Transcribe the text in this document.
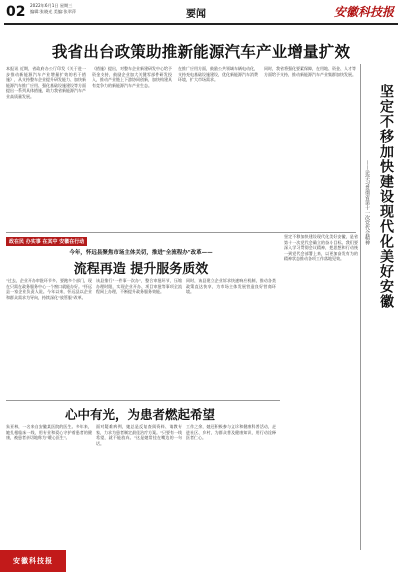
02 2022年6月1日 星期三
编辑:张晓光 美编:张翠萍	要闻	安徽科技报
我省出台政策助推新能源汽车产业增量扩效
本报讯 近期，省政府办公厅印发《关于进一步推动新能源汽车产业增量扩效的若干措施》，从支持整车企业提升研发能力、加快新能源汽车推广应用、强化基础设施建设等方面提出一系列具体措施，助力我省新能源汽车产业高质量发展。
《措施》提出，对整车企业新建研发中心给予资金支持，鼓励企业加大关键零部件研发投入，推动产业链上下游协同创新，加快构建具有竞争力的新能源汽车产业生态。
在推广应用方面，鼓励公共领域车辆电动化，支持充电基础设施建设，优化新能源汽车消费环境，扩大市场需求。
同时，我省将强化要素保障，在用地、资金、人才等方面给予支持，推动新能源汽车产业集群加快发展。
政在民 办实事 在其中 安徽在行动
今年，怀远县聚焦市场主体关切，推进"全流程办"改革——
流程再造 提升服务质效
"过去，企业开办审批环节多、要跑多个部门，现在只需在政务服务中心一个窗口就能办好。"怀远县一家企业负责人说。今年以来，怀远县以企业和群众需求为导向，持续深化"放管服"改革。
该县推行"一件事一次办"，整合审批环节，压缩办理时限，实现企业开办、项目审批等事项全流程网上办理，不断提升政务服务效能。
同时，该县建立企业诉求快速响应机制，推动各类政策直达快享，为市场主体发展营造良好营商环境。
心中有光，为患者燃起希望
朱亚林，一名来自安徽某医院的医生。多年来，她扎根临床一线，用专业和爱心守护着患者的健康，被患者亲切地称为"暖心医生"。
面对疑难病例，她总是反复查阅资料、请教专家，力求为患者制定最佳治疗方案。"只要有一线希望，就不能放弃。"这是她常挂在嘴边的一句话。
工作之余，她还积极参与义诊和健康科普活动，走进社区、乡村，为群众普及健康知识，用行动诠释医者仁心。
坚定不移加快建设现代化美好安徽，是省第十一次党代会确立的奋斗目标。我们要深入学习贯彻会议精神，把思想和行动统一到党代会部署上来，以更加奋发有为的精神状态推动各项工作落地见效。	坚定不移加快建设现代化美好安徽
——论学习贯彻省第十一次党代会精神
安徽科技报
